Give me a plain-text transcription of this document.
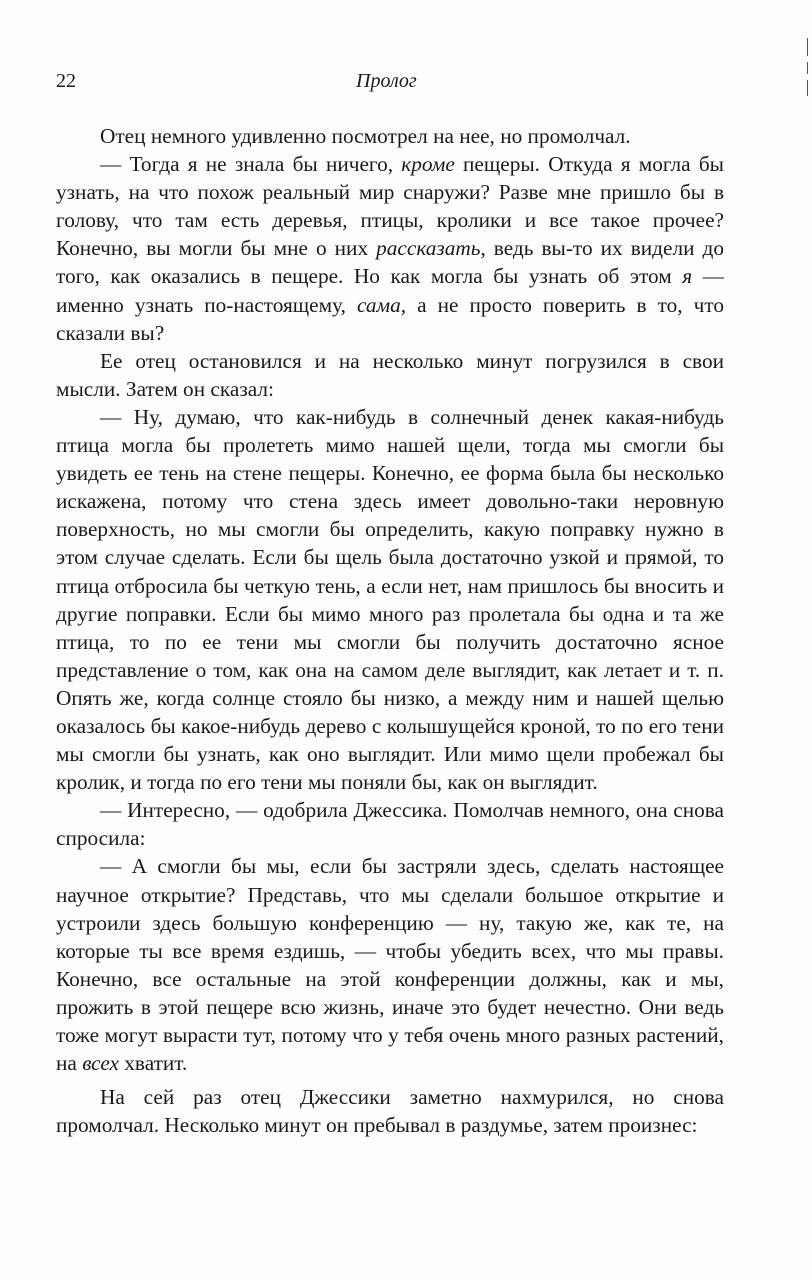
22	Пролог

Отец немного удивленно посмотрел на нее, но промолчал.

— Тогда я не знала бы ничего, кроме пещеры. Откуда я могла бы узнать, на что похож реальный мир снаружи? Разве мне пришло бы в голову, что там есть деревья, птицы, кролики и все такое прочее? Конечно, вы могли бы мне о них рассказать, ведь вы-то их видели до того, как оказались в пещере. Но как могла бы узнать об этом я — именно узнать по-настоящему, сама, а не просто поверить в то, что сказали вы?

Ее отец остановился и на несколько минут погрузился в свои мысли. Затем он сказал:

— Ну, думаю, что как-нибудь в солнечный денек какая-нибудь птица могла бы пролететь мимо нашей щели, тогда мы смогли бы увидеть ее тень на стене пещеры. Конечно, ее форма была бы несколько искажена, потому что стена здесь имеет довольно-таки неровную поверхность, но мы смогли бы определить, какую поправку нужно в этом случае сделать. Если бы щель была достаточно узкой и прямой, то птица отбросила бы четкую тень, а если нет, нам пришлось бы вносить и другие поправки. Если бы мимо много раз пролетала бы одна и та же птица, то по ее тени мы смогли бы получить достаточно ясное представление о том, как она на самом деле выглядит, как летает и т. п. Опять же, когда солнце стояло бы низко, а между ним и нашей щелью оказалось бы какое-нибудь дерево с колышущейся кроной, то по его тени мы смогли бы узнать, как оно выглядит. Или мимо щели пробежал бы кролик, и тогда по его тени мы поняли бы, как он выглядит.

— Интересно, — одобрила Джессика. Помолчав немного, она снова спросила:

— А смогли бы мы, если бы застряли здесь, сделать настоящее научное открытие? Представь, что мы сделали большое открытие и устроили здесь большую конференцию — ну, такую же, как те, на которые ты все время ездишь, — чтобы убедить всех, что мы правы. Конечно, все остальные на этой конференции должны, как и мы, прожить в этой пещере всю жизнь, иначе это будет нечестно. Они ведь тоже могут вырасти тут, потому что у тебя очень много разных растений, на всех хватит.

На сей раз отец Джессики заметно нахмурился, но снова промолчал. Несколько минут он пребывал в раздумье, затем произнес:
